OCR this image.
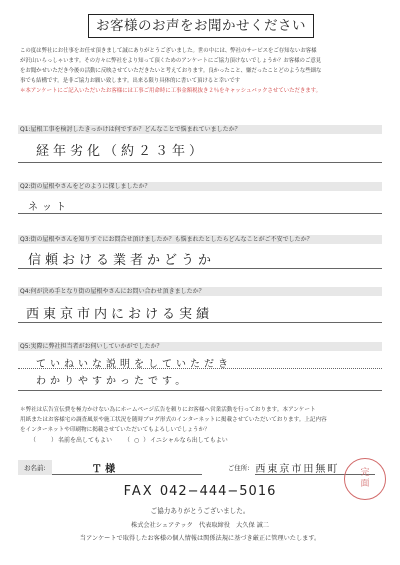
お客様のお声をお聞かせください

この度は弊社にお仕事をお任せ頂きまして誠にありがとうございました。世の中には、弊社のサービスをご存知ないお客様

が沢山いらっしゃいます。その方々に弊社をより知って頂くためのアンケートにご協力頂けないでしょうか？お客様のご意見

をお聞かせいただき今後の活動に反映させていただきたいと考えております。良かったこと、嫌だったことどのような些細な

事でも結構です。是非ご協力お願い致します。出来る限り具体的に書いて頂けると幸いです

＊本アンケートにご記入いただいたお客様には工事ご用命時に工事金額税抜き２％をキャッシュバックさせていただきます。

Q1:屋根工事を検討したきっかけは何ですか？どんなことで悩まれていましたか？
経年劣化（約２３年）
Q2:街の屋根やさんをどのように探しましたか？
ネット
Q3:街の屋根やさんを知りすぐにお問合せ頂けましたか？も悩まれたとしたらどんなことがご不安でしたか？
信頼おける業者かどうか
Q4:何が決め手となり街の屋根やさんにお問い合わせ頂きましたか？
西東京市内における実績
Q5:実際に弊社担当者がお伺いしていかがでしたか？
ていねいな説明をしていただき
わかりやすかったです。

＊弊社は広告宣伝費を極力かけない為にホームページ広告を頼りにお客様へ営業活動を行っております。本アンケート

用紙またはお客様宅の調査風景や施工状況を随時ブログ形式のインターネットに掲載させていただいております。上記内容

をインターネットや印刷物に掲載させていただいてもよろしいでしょうか？

（　　）名前を出してもよい （ ○ ）イニシャルなら出してもよい
お名前:	Ｔ 様	ご住所: 西東京市田無町	完
面
FAX 042−444−5016
ご協力ありがとうございました。
株式会社シェアテック　代表取締役　大久保 誠二
当アンケートで取得したお客様の個人情報は関係法規に基づき厳正に管理いたします。
